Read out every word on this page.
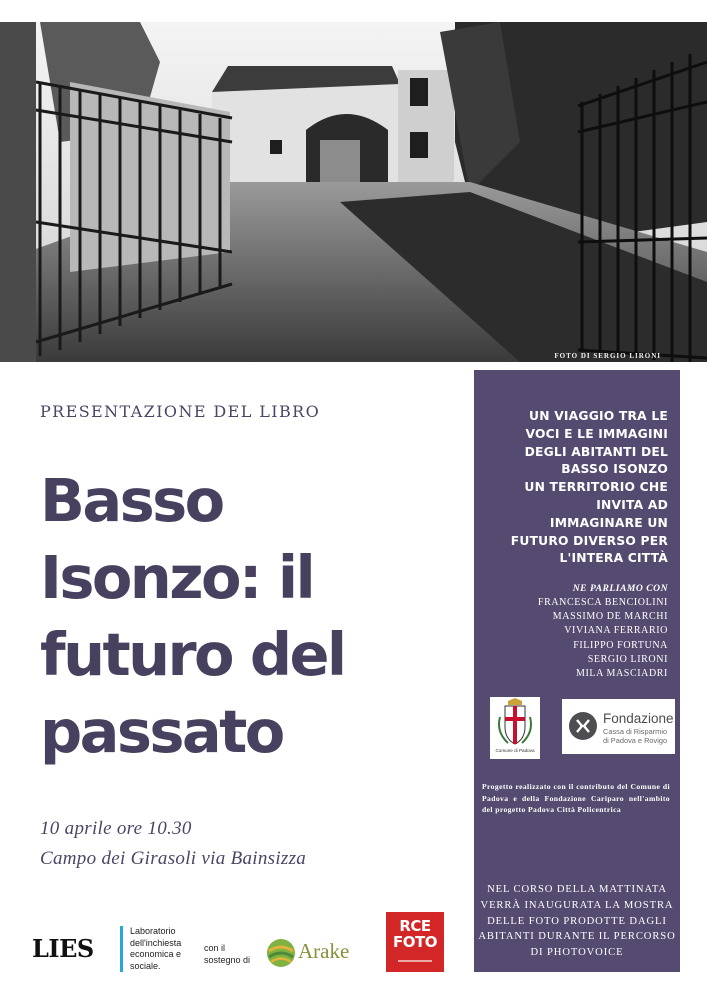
FOTO DI SERGIO LIRONI
PRESENTAZIONE DEL LIBRO
Basso
Isonzo: il
futuro del
passato
10 aprile ore 10.30
Campo dei Girasoli via Bainsizza
UN VIAGGIO TRA LE
VOCI E LE IMMAGINI
DEGLI ABITANTI DEL
BASSO ISONZO
UN TERRITORIO CHE
INVITA AD
IMMAGINARE UN
FUTURO DIVERSO PER
L'INTERA CITTÀ
NE PARLIAMO CON
FRANCESCA BENCIOLINI
MASSIMO DE MARCHI
VIVIANA FERRARIO
FILIPPO FORTUNA
SERGIO LIRONI
MILA MASCIADRI
Comune di Padova
Fondazione
Cassa di Risparmio di Padova e Rovigo
Progetto realizzato con il contributo del Comune di Padova e della Fondazione Cariparo nell'ambito del progetto Padova Città Policentrica
NEL CORSO DELLA MATTINATA
VERRÀ INAUGURATA LA MOSTRA
DELLE FOTO PRODOTTE DAGLI
ABITANTI DURANTE IL PERCORSO
DI PHOTOVOICE
LIES
Laboratorio dell'inchiesta economica e sociale.
con il sostegno di	Arake
RCE
FOTO
